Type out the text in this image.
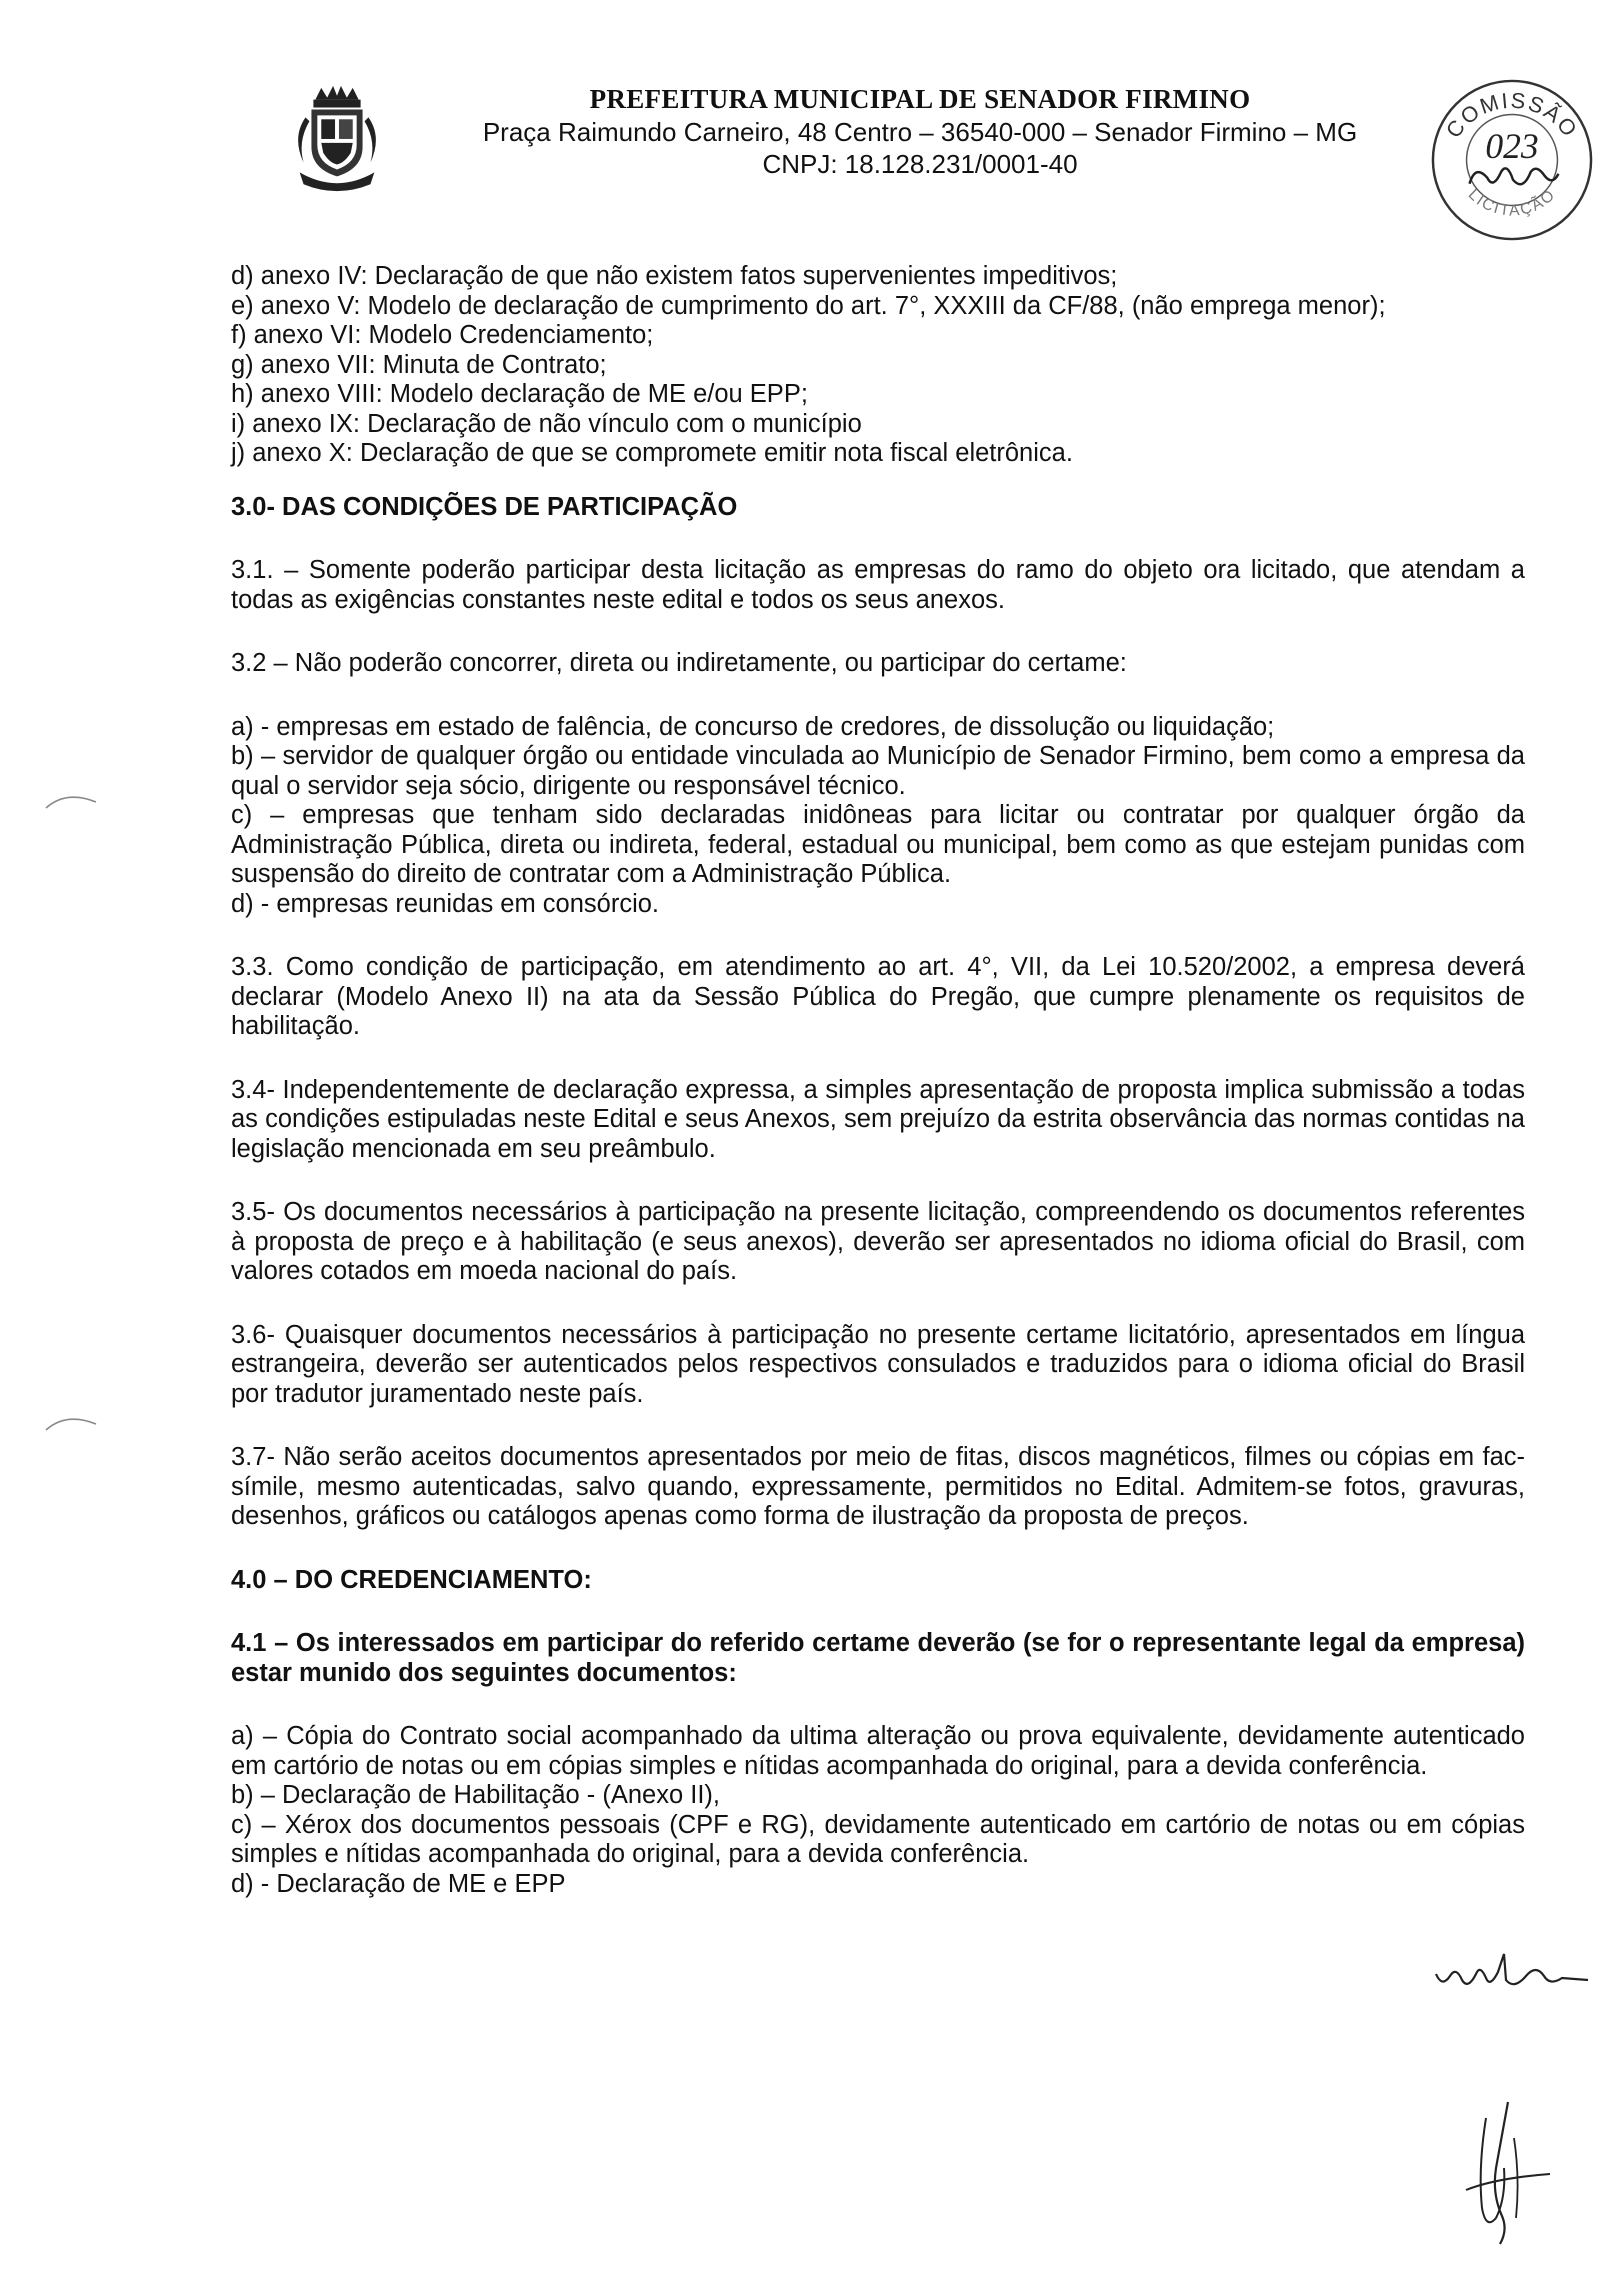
PREFEITURA MUNICIPAL DE SENADOR FIRMINO
Praça Raimundo Carneiro, 48 Centro – 36540-000 – Senador Firmino – MG
CNPJ: 18.128.231/0001-40
COMISSÃO
023
LICITAÇÃO

d) anexo IV: Declaração de que não existem fatos supervenientes impeditivos;

e) anexo V: Modelo de declaração de cumprimento do art. 7°, XXXIII da CF/88, (não emprega menor);

f) anexo VI: Modelo Credenciamento;

g) anexo VII: Minuta de Contrato;

h) anexo VIII: Modelo declaração de ME e/ou EPP;

i) anexo IX: Declaração de não vínculo com o município

j) anexo X: Declaração de que se compromete emitir nota fiscal eletrônica.

3.0- DAS CONDIÇÕES DE PARTICIPAÇÃO

3.1. – Somente poderão participar desta licitação as empresas do ramo do objeto ora licitado, que atendam a todas as exigências constantes neste edital e todos os seus anexos.

3.2 – Não poderão concorrer, direta ou indiretamente, ou participar do certame:

a) - empresas em estado de falência, de concurso de credores, de dissolução ou liquidação;

b) – servidor de qualquer órgão ou entidade vinculada ao Município de Senador Firmino, bem como a empresa da qual o servidor seja sócio, dirigente ou responsável técnico.

c) – empresas que tenham sido declaradas inidôneas para licitar ou contratar por qualquer órgão da Administração Pública, direta ou indireta, federal, estadual ou municipal, bem como as que estejam punidas com suspensão do direito de contratar com a Administração Pública.

d) - empresas reunidas em consórcio.

3.3. Como condição de participação, em atendimento ao art. 4°, VII, da Lei 10.520/2002, a empresa deverá declarar (Modelo Anexo II) na ata da Sessão Pública do Pregão, que cumpre plenamente os requisitos de habilitação.

3.4- Independentemente de declaração expressa, a simples apresentação de proposta implica submissão a todas as condições estipuladas neste Edital e seus Anexos, sem prejuízo da estrita observância das normas contidas na legislação mencionada em seu preâmbulo.

3.5- Os documentos necessários à participação na presente licitação, compreendendo os documentos referentes à proposta de preço e à habilitação (e seus anexos), deverão ser apresentados no idioma oficial do Brasil, com valores cotados em moeda nacional do país.

3.6- Quaisquer documentos necessários à participação no presente certame licitatório, apresentados em língua estrangeira, deverão ser autenticados pelos respectivos consulados e traduzidos para o idioma oficial do Brasil por tradutor juramentado neste país.

3.7- Não serão aceitos documentos apresentados por meio de fitas, discos magnéticos, filmes ou cópias em fac-símile, mesmo autenticadas, salvo quando, expressamente, permitidos no Edital. Admitem-se fotos, gravuras, desenhos, gráficos ou catálogos apenas como forma de ilustração da proposta de preços.

4.0 – DO CREDENCIAMENTO:

4.1 – Os interessados em participar do referido certame deverão (se for o representante legal da empresa) estar munido dos seguintes documentos:

a) – Cópia do Contrato social acompanhado da ultima alteração ou prova equivalente, devidamente autenticado em cartório de notas ou em cópias simples e nítidas acompanhada do original, para a devida conferência.

b) – Declaração de Habilitação - (Anexo II),

c) – Xérox dos documentos pessoais (CPF e RG), devidamente autenticado em cartório de notas ou em cópias simples e nítidas acompanhada do original, para a devida conferência.

d) - Declaração de ME e EPP
